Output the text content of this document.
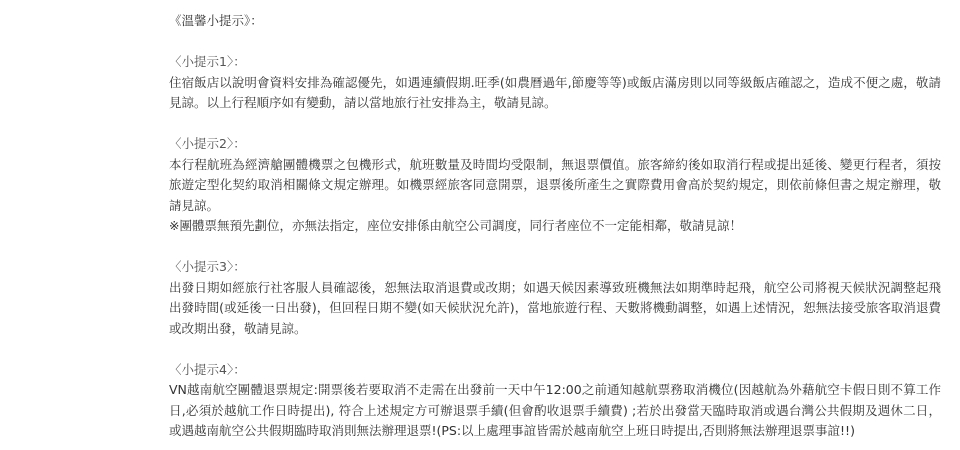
《溫馨小提示》：

〈小提示1〉：

住宿飯店以說明會資料安排為確認優先，如遇連續假期.旺季(如農曆過年,節慶等等)或飯店滿房則以同等級飯店確認之，造成不便之處，敬請見諒。以上行程順序如有變動，請以當地旅行社安排為主，敬請見諒。

〈小提示2〉：

本行程航班為經濟艙團體機票之包機形式，航班數量及時間均受限制，無退票價值。旅客締約後如取消行程或提出延後、變更行程者，須按旅遊定型化契約取消相關條文規定辦理。如機票經旅客同意開票，退票後所產生之實際費用會高於契約規定，則依前條但書之規定辦理，敬請見諒。

※團體票無預先劃位，亦無法指定，座位安排係由航空公司調度，同行者座位不一定能相鄰，敬請見諒！

〈小提示3〉：

出發日期如經旅行社客服人員確認後，恕無法取消退費或改期；如遇天候因素導致班機無法如期準時起飛，航空公司將視天候狀況調整起飛出發時間(或延後一日出發)，但回程日期不變(如天候狀況允許)，當地旅遊行程、天數將機動調整，如遇上述情況，恕無法接受旅客取消退費或改期出發，敬請見諒。

〈小提示4〉：

VN越南航空團體退票規定:開票後若要取消不走需在出發前一天中午12:00之前通知越航票務取消機位(因越航為外藉航空卡假日則不算工作日,必須於越航工作日時提出), 符合上述規定方可辦退票手續(但會酌收退票手續費) ;若於出發當天臨時取消或遇台灣公共假期及週休二日，或遇越南航空公共假期臨時取消則無法辦理退票!(PS:以上處理事誼皆需於越南航空上班日時提出,否則將無法辦理退票事誼!!)
